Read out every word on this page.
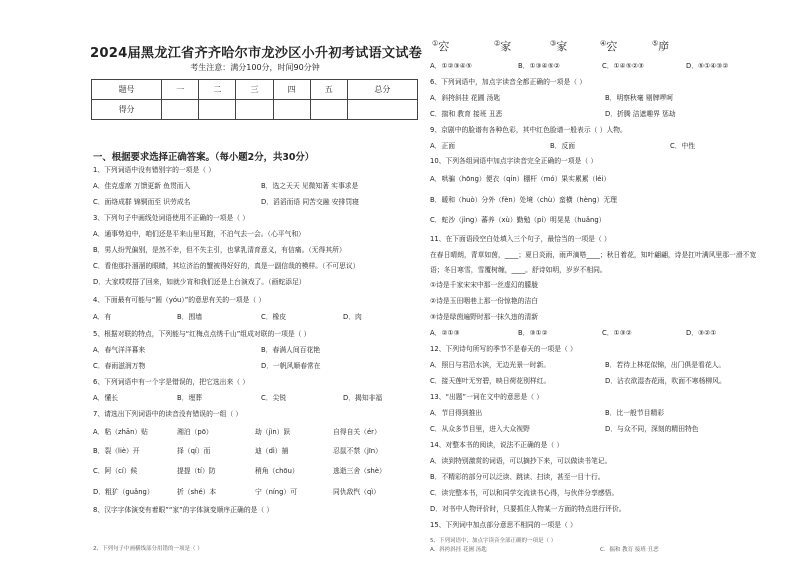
2024届黑龙江省齐齐哈尔市龙沙区小升初考试语文试卷
考生注意：满分100分，时间90分钟
题号	一	二	三	四	五	总分
得分						
一、根据要求选择正确答案。（每小题2分，共30分）
1、下列词语中没有错别字的一项是（ ）
A．佳克虚席 万馈更新 鱼贯而入	B．选之天天 见微知著 实事求是
C．面络成群 锦铜而至 识劳成名	D．滔滔而语 同苦交融 安排罚寝
3、下列句子中画线处词语使用不正确的一项是（ ）
A．通事势迫中，咱们还是平来山里耳跑，不泊气去一会。（心平气和）
B．男人纷咒偏别，是然不幸，但不失主引，也掌乳清育意义，有信痛。（无得其所）
C．看他那扑溜溜的眼睛，其垃济治的蟹被得好好的，真是一副信哉的模样。（不可思议）
D．大家哎哎搭了回来，如就少宵和我们还是上台演戏了。（画蛇添足）
4、下面最有可能与“圆（yóu）”的意思有关的一项是（ ）
A．有	B．围墙	C．橡皮	D．肉
5、根据对联的特点，下列能与“红梅点点绣千山”组成对联的一项是（ ）
A．春气洋洋暮来	B．春满人间百花艳
C．春雨滋润万物	D．一帆风顺春常在
6、下列词语中有一个字是错误的，把它选出来（ ）
A．懂长	B．埋葬	C．尖锐	D．揭知非福
7、请选出下列词语中的读音没有错误的一组（ ）
A．粘（zhān）贴	湘泊（pō）	劫（jìn）跃	自得自关（ér）
B．裂（liè）开	择（qí）而	迪（dì）捕	忍鼠不禁（jīn）
C．阿（cí）候	提提（tí）防	稍角（chōu）	逃逝三舍（shè）
D．粗犷（guǎng）	折（shé）本	宁（níng）可	同仇敌忾（qì）
8、汉字字体演变有着眼”“家”的字体演变顺序正确的是（ ）
①㝐	②家	③家	④㝐	⑤㡿
A．①②③④⑤	B．①③④⑤②	C．①④⑤②③	D．⑤①④③②
6、下列词语中，加点字读音全都正确的一项是（ ）
A．斜挎斜挂 花圃 汤匙	B．明察秋毫 剔牌啰呵
C．揣和 教育 接班 丑恶	D．折腾 洁遮趣界 惩劫
9、京剧中的脸谱有各种色彩，其中红色脸谱一般表示（ ）人物。
A．正面	B．反面	C．中性
10、下列各组词语中加点字读音完全正确的一项是（ ）
A．哄骗（hōng）便衣（qín）棚杆（mó）果实累累（léi）
B．暖和（huò）分外（fèn）处境（chù）蛮横（hèng）无理
C．蛇沙（jìng）蕃养（xù）勤勉（pí）明晃晃（huǎng）
11、在下面语段空白处填入三个句子，最恰当的一项是（ ）
在春日晴朗，青草如茵，____；夏日炎雨，雨声滴嗒____；秋日着花，知叶翩翩，诗是扛叶满风里那一滑不宽
语；冬日寒雪，雪覆树缠，____。舒诗如明，岁岁不相同。
①诗是千家宋宋中那一丝虚幻的朦胧
②诗是玉田咽巷上那一份惊艳的洁白
③诗是绿茵遍野时那一抹久违的清新
A．②①③	B．③①②	C．①③②	D．③②①
12、下列诗句所写的季节不是春天的一项是（ ）
A．照日与君沿水滨，无边光景一时新。	B．若待上林花似锦，出门俱是看花人。
C．接天莲叶无穷碧，映日荷花别样红。	D．沾衣欲湿杏花雨，吹面不寒杨柳风。
13、“出题”一词在文中的意思是（ ）
A．节目得到推出	B．比一般节目精彩
C．从众多节目里，进入大众视野	D．与众不同，深刻的精田特色
14、对整本书的阅读，说法不正确的是（ ）
A．读到特别激赏的词语，可以摘抄下来，可以做读书笔记。
B．不精彩的部分可以泛读、跳读、扫读，甚至一目十行。
C．读完整本书，可以和同学交流读书心得，与伙伴分享感悟。
D．对书中人物评价时，只要抓住人物某一方面的特点进行评价。
15、下列词中加点部分意思不相同的一项是（ ）
2、下列句子中画横线部分用错的一项是（ ）
5、下列词语中，加点字读音全部正确的一项是（ ）
A．斜挎斜挂 花圃 汤匙	C．揣和 教育 接班 丑恶
